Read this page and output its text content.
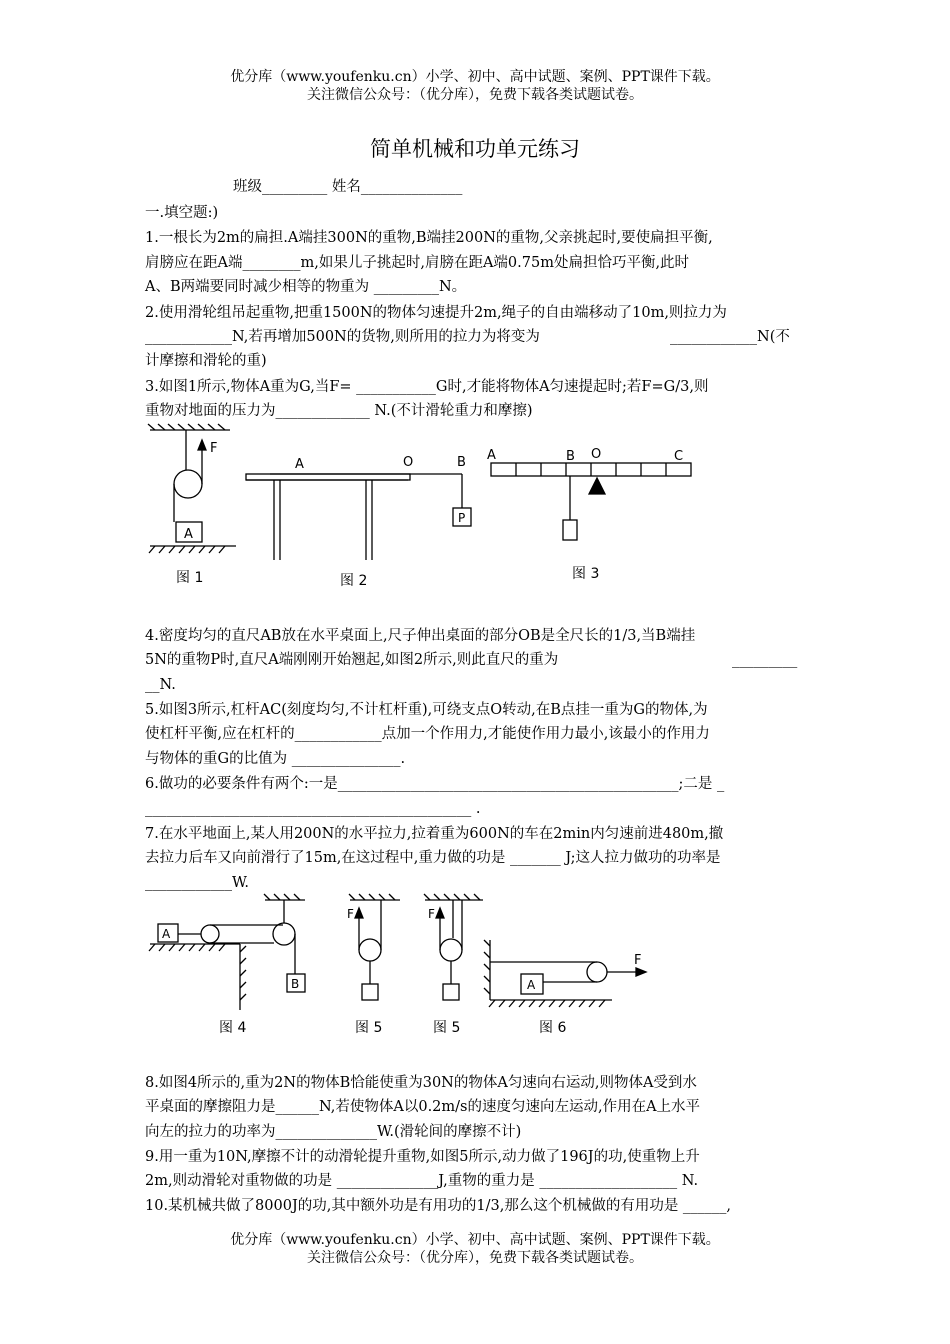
优分库（www.youfenku.cn）小学、初中、高中试题、案例、PPT课件下载。
关注微信公众号：（优分库），免费下载各类试题试卷。
简单机械和功单元练习
班级_________ 姓名______________
一.填空题:)
1.一根长为2m的扁担.A端挂300N的重物,B端挂200N的重物,父亲挑起时,要使扁担平衡,
肩膀应在距A端________m,如果儿子挑起时,肩膀在距A端0.75m处扁担恰巧平衡,此时
A、B两端要同时减少相等的物重为 _________N。
2.使用滑轮组吊起重物,把重1500N的物体匀速提升2m,绳子的自由端移动了10m,则拉力为
____________N,若再增加500N的货物,则所用的拉力为将变为	____________N(不
计摩擦和滑轮的重)
3.如图1所示,物体A重为G,当F= ___________G时,才能将物体A匀速提起时;若F=G/3,则
重物对地面的压力为_____________ N.(不计滑轮重力和摩擦)
F
A
图 1
A	O	B
P
图 2
A	B O	C
图 3
4.密度均匀的直尺AB放在水平桌面上,尺子伸出桌面的部分OB是全尺长的1/3,当B端挂
5N的重物P时,直尺A端刚刚开始翘起,如图2所示,则此直尺的重为	_________
__N.
5.如图3所示,杠杆AC(刻度均匀,不计杠杆重),可绕支点O转动,在B点挂一重为G的物体,为
使杠杆平衡,应在杠杆的____________点加一个作用力,才能使作用力最小,该最小的作用力
与物体的重G的比值为 _______________.
6.做功的必要条件有两个:一是_______________________________________________;二是 _
_____________________________________________ .
7.在水平地面上,某人用200N的水平拉力,拉着重为600N的车在2min内匀速前进480m,撤
去拉力后车又向前滑行了15m,在这过程中,重力做的功是 _______ J;这人拉力做功的功率是
____________W.
A
B
图 4
F
图 5
F
图 5
A
F
图 6
8.如图4所示的,重为2N的物体B恰能使重为30N的物体A匀速向右运动,则物体A受到水
平桌面的摩擦阻力是______N,若使物体A以0.2m/s的速度匀速向左运动,作用在A上水平
向左的拉力的功率为______________W.(滑轮间的摩擦不计)
9.用一重为10N,摩擦不计的动滑轮提升重物,如图5所示,动力做了196J的功,使重物上升
2m,则动滑轮对重物做的功是 ______________J,重物的重力是 ___________________ N.
10.某机械共做了8000J的功,其中额外功是有用功的1/3,那么这个机械做的有用功是 ______,
优分库（www.youfenku.cn）小学、初中、高中试题、案例、PPT课件下载。
关注微信公众号：（优分库），免费下载各类试题试卷。
